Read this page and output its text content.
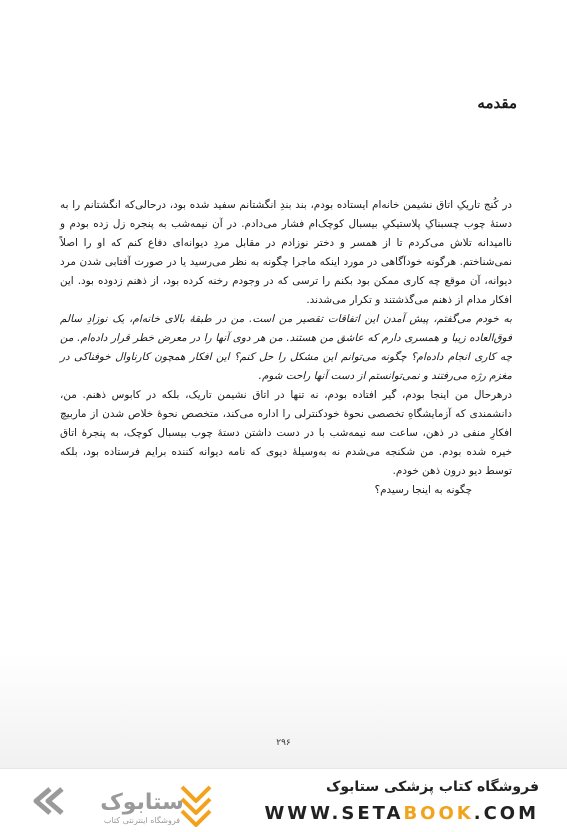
مقدمه

در کُنج تاریکِ اتاق نشیمن خانه‌ام ایستاده بودم، بند بندِ انگشتانم سفید شده بود، درحالی‌که انگشتانم را به دستهٔ چوب چسبناکِ پلاستیکیِ بیسبال کوچک‌ام فشار می‌دادم. در آن نیمه‌شب به پنجره زل زده بودم و ناامیدانه تلاش می‌کردم تا از همسر و دختر نوزادم در مقابل مردِ دیوانه‌ای دفاع کنم که او را اصلاً نمی‌شناختم. هرگونه خودآگاهی در مورد اینکه ماجرا چگونه به نظر می‌رسید یا در صورت آفتابی شدن مرد دیوانه، آن موقع چه کاری ممکن بود بکنم را ترسی که در وجودم رخنه کرده بود، از ذهنم زدوده بود. این افکار مدام از ذهنم می‌گذشتند و تکرار می‌شدند.

به خودم می‌گفتم، پیش آمدن این اتفاقات تقصیر من است. من در طبقهٔ بالای خانه‌ام، یک نوزادِ سالم فوق‌العاده زیبا و همسری دارم که عاشق من هستند. من هر دوی آنها را در معرض خطر قرار داده‌ام. من چه کاری انجام داده‌ام؟ چگونه می‌توانم این مشکل را حل کنم؟ این افکار همچون کارناوال خوفناکی در مغزم رژه می‌رفتند و نمی‌توانستم از دست آنها راحت شوم.

درهرحال من اینجا بودم، گیر افتاده بودم، نه تنها در اتاق نشیمن تاریک، بلکه در کابوس ذهنم. من، دانشمندی که آزمایشگاهِ تخصصی نحوهٔ خودکنترلی را اداره می‌کند، متخصص نحوهٔ خلاص شدن از ماربیچ افکارِ منفی در ذهن، ساعت سه نیمه‌شب با در دست داشتن دستهٔ چوب بیسبال کوچک، به پنجرهٔ اتاق خیره شده بودم. من شکنجه می‌شدم نه به‌وسیلهٔ دیوی که نامه دیوانه کننده برایم فرستاده بود، بلکه توسط دیو درون ذهن خودم.

چگونه به اینجا رسیدم؟

۲۹۶
ستابوک
فروشگاه اینترنتی کتاب

فروشگاه کتاب پزشکی ستابوک

WWW.SETABOOK.COM
